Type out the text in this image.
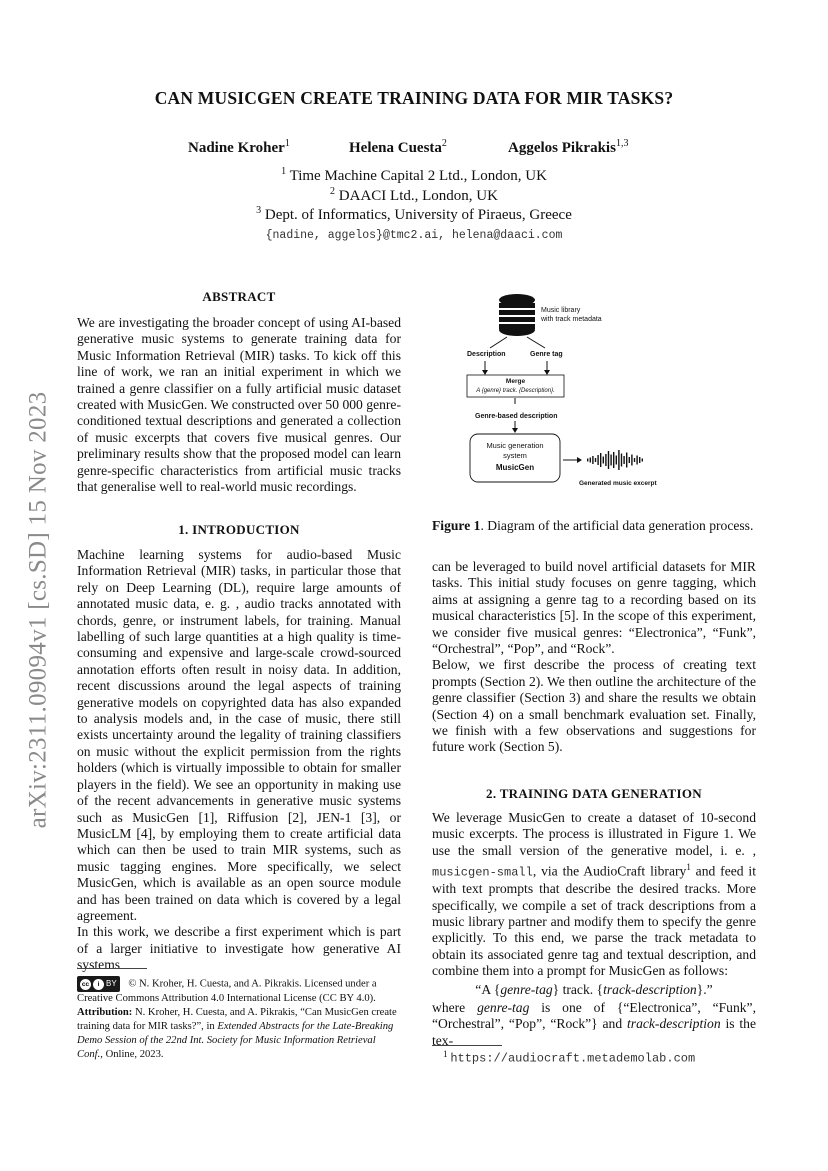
arXiv:2311.09094v1 [cs.SD] 15 Nov 2023
CAN MUSICGEN CREATE TRAINING DATA FOR MIR TASKS?
Nadine Kroher$^1$	Helena Cuesta$^2$	Aggelos Pikrakis$^{1,3}$
$^1$ Time Machine Capital 2 Ltd., London, UK
$^2$ DAACI Ltd., London, UK
$^3$ Dept. of Informatics, University of Piraeus, Greece
{nadine, aggelos}@tmc2.ai, helena@daaci.com
ABSTRACT
We are investigating the broader concept of using AI-based generative music systems to generate training data for Music Information Retrieval (MIR) tasks. To kick off this line of work, we ran an initial experiment in which we trained a genre classifier on a fully artificial music dataset created with MusicGen. We constructed over 50 000 genre-conditioned textual descriptions and generated a collection of music excerpts that covers five musical genres. Our preliminary results show that the proposed model can learn genre-specific characteristics from artificial music tracks that generalise well to real-world music recordings.
1. INTRODUCTION
Machine learning systems for audio-based Music Information Retrieval (MIR) tasks, in particular those that rely on Deep Learning (DL), require large amounts of annotated music data, e. g. , audio tracks annotated with chords, genre, or instrument labels, for training. Manual labelling of such large quantities at a high quality is time-consuming and expensive and large-scale crowd-sourced annotation efforts often result in noisy data. In addition, recent discussions around the legal aspects of training generative models on copyrighted data has also expanded to analysis models and, in the case of music, there still exists uncertainty around the legality of training classifiers on music without the explicit permission from the rights holders (which is virtually impossible to obtain for smaller players in the field). We see an opportunity in making use of the recent advancements in generative music systems such as MusicGen [1], Riffusion [2], JEN-1 [3], or MusicLM [4], by employing them to create artificial data which can then be used to train MIR systems, such as music tagging engines. More specifically, we select MusicGen, which is available as an open source module and has been trained on data which is covered by a legal agreement.
In this work, we describe a first experiment which is part of a larger initiative to investigate how generative AI systems
cc	i BY © N. Kroher, H. Cuesta, and A. Pikrakis. Licensed under a Creative Commons Attribution 4.0 International License (CC BY 4.0).
Attribution: N. Kroher, H. Cuesta, and A. Pikrakis, “Can MusicGen create training data for MIR tasks?”, in Extended Abstracts for the Late-Breaking Demo Session of the 22nd Int. Society for Music Information Retrieval Conf., Online, 2023.
Music library
with track metadata
Description	Genre tag
Merge
A {genre} track. {Description}.
Genre-based description
Music generation
system
MusicGen
Generated music excerpt
Figure 1. Diagram of the artificial data generation process.
can be leveraged to build novel artificial datasets for MIR tasks. This initial study focuses on genre tagging, which aims at assigning a genre tag to a recording based on its musical characteristics [5]. In the scope of this experiment, we consider five musical genres: “Electronica”, “Funk”, “Orchestral”, “Pop”, and “Rock”.
Below, we first describe the process of creating text prompts (Section 2). We then outline the architecture of the genre classifier (Section 3) and share the results we obtain (Section 4) on a small benchmark evaluation set. Finally, we finish with a few observations and suggestions for future work (Section 5).
2. TRAINING DATA GENERATION
We leverage MusicGen to create a dataset of 10-second music excerpts. The process is illustrated in Figure 1. We use the small version of the generative model, i. e. , musicgen-small, via the AudioCraft library$^1$ and feed it with text prompts that describe the desired tracks. More specifically, we compile a set of track descriptions from a music library partner and modify them to specify the genre explicitly. To this end, we parse the track metadata to obtain its associated genre tag and textual description, and combine them into a prompt for MusicGen as follows:
“A {genre-tag} track. {track-description}.”
where genre-tag is one of {“Electronica”, “Funk”, “Orchestral”, “Pop”, “Rock”} and track-description is the tex-
$^1$ https://audiocraft.metademolab.com
